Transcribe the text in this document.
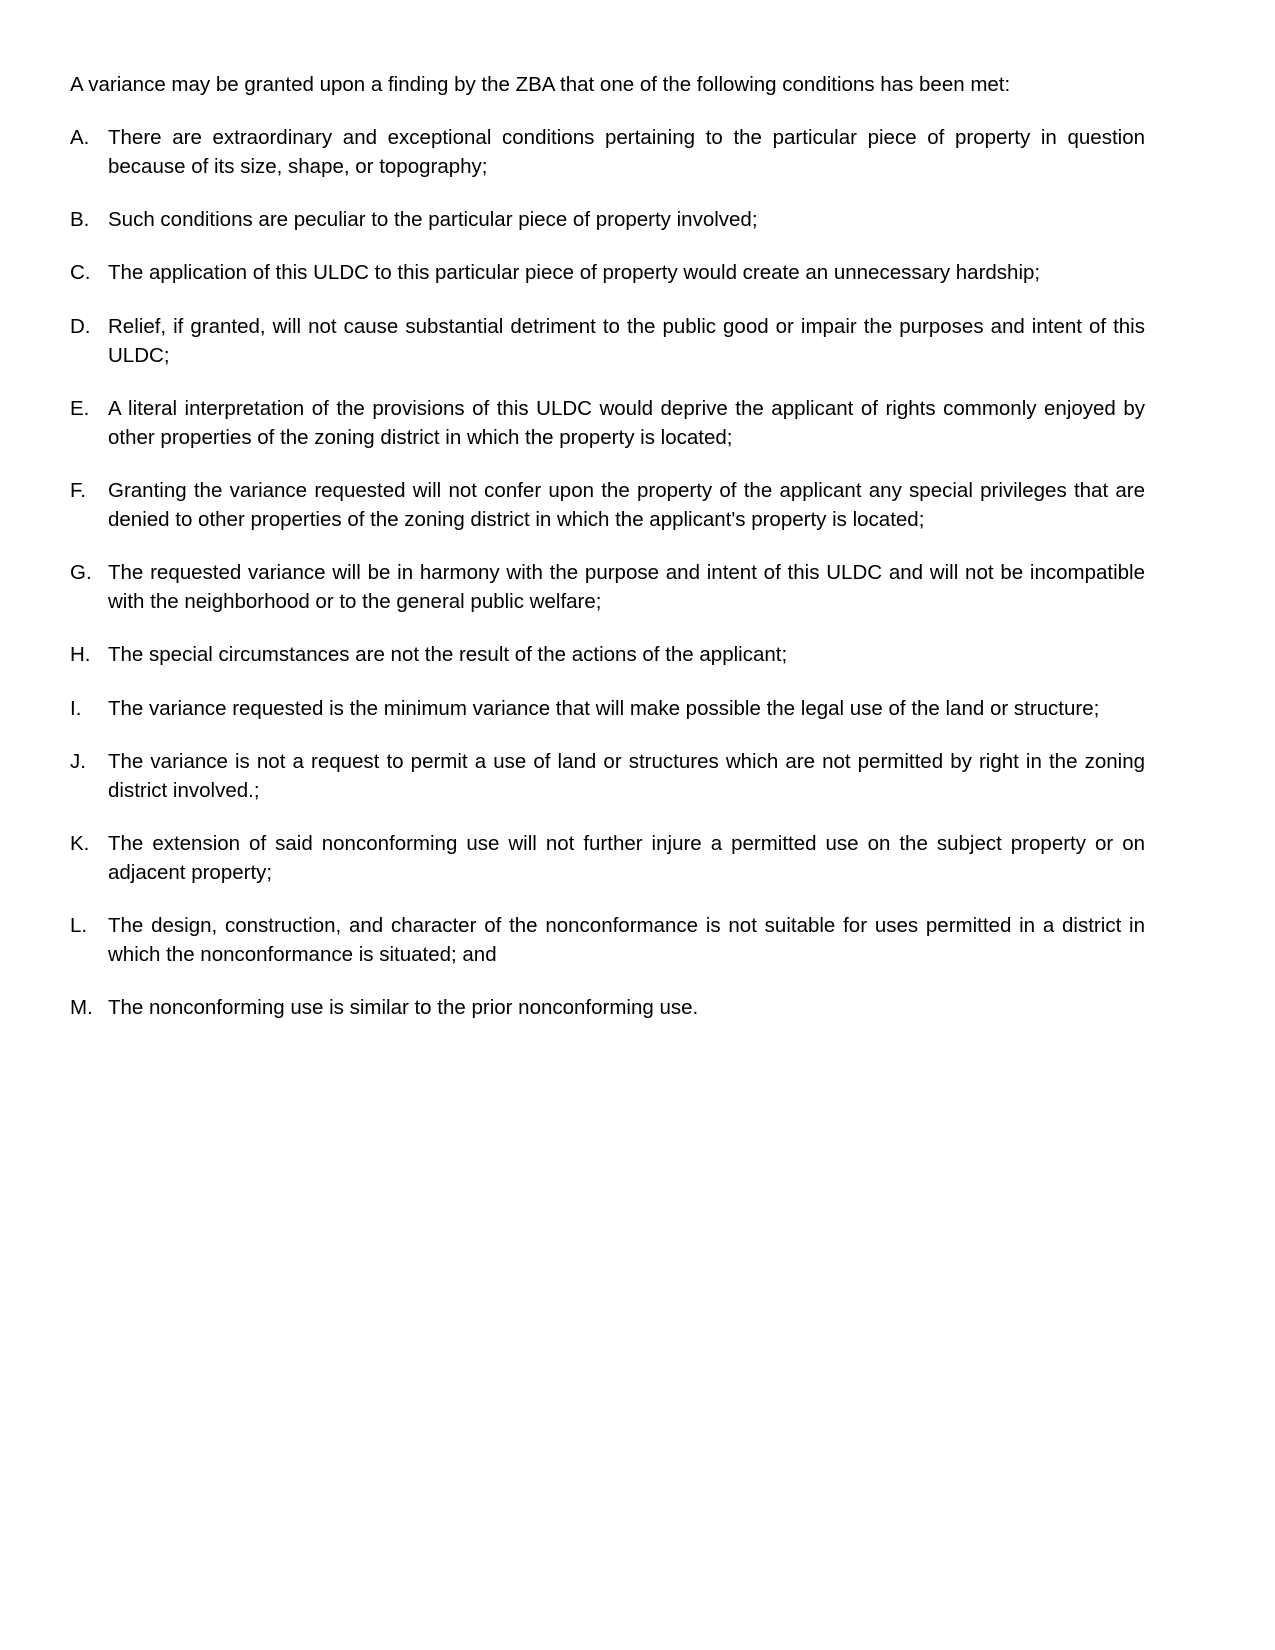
A variance may be granted upon a finding by the ZBA that one of the following conditions has been met:

A. There are extraordinary and exceptional conditions pertaining to the particular piece of property in question because of its size, shape, or topography;
B. Such conditions are peculiar to the particular piece of property involved;
C. The application of this ULDC to this particular piece of property would create an unnecessary hardship;
D. Relief, if granted, will not cause substantial detriment to the public good or impair the purposes and intent of this ULDC;
E. A literal interpretation of the provisions of this ULDC would deprive the applicant of rights commonly enjoyed by other properties of the zoning district in which the property is located;
F.	Granting the variance requested will not confer upon the property of the applicant any special privileges that are denied to other properties of the zoning district in which the applicant's property is located;
G. The requested variance will be in harmony with the purpose and intent of this ULDC and will not be incompatible with the neighborhood or to the general public welfare;
H. The special circumstances are not the result of the actions of the applicant;
I.	The variance requested is the minimum variance that will make possible the legal use of the land or structure;
J.	The variance is not a request to permit a use of land or structures which are not permitted by right in the zoning district involved.;
K. The extension of said nonconforming use will not further injure a permitted use on the subject property or on adjacent property;
L.	The design, construction, and character of the nonconformance is not suitable for uses permitted in a district in which the nonconformance is situated; and
M. The nonconforming use is similar to the prior nonconforming use.
